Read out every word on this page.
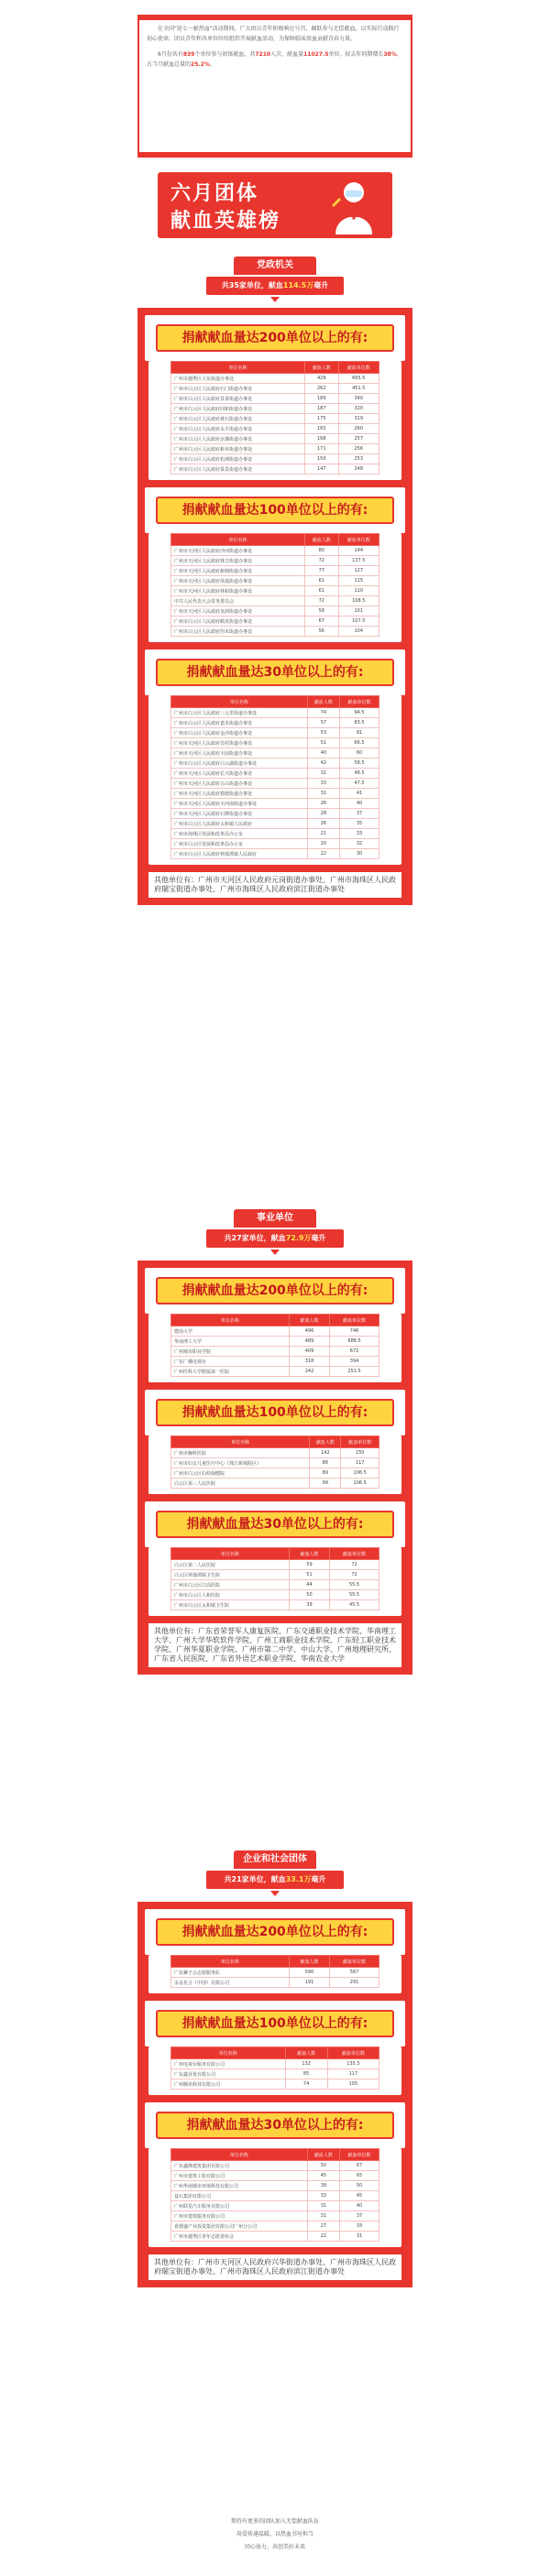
在全国"迎七一献热血"活动期间，广大团员青年积极响应号召，踊跃参与无偿献血，以实际行动践行初心使命。团员青年和各单位纷纷组织开展献血活动，为保障临床用血贡献青春力量。

6月份共有839个单位参与团体献血，共7210人次，献血量11027.5单位。较去年同期增长38%，占当月献血总量的25.2%。

六月团体
献血英雄榜
党政机关
共35家单位，献血114.5万毫升
捐献献血量达200单位以上的有:
单位名称	献血人数	献血单位数
广州市越秀区大东街道办事处	429	665.5
广州市白云区人民政府石门街道办事处	262	451.5
广州市白云区人民政府景泰街道办事处	189	340
广州市白云区人民政府同和街道办事处	187	320
广州市白云区人民政府黄石街道办事处	175	319
广州市白云区人民政府永平街道办事处	165	260
广州市白云区人民政府京溪街道办事处	168	257
广州市白云区人民政府新市街道办事处	171	256
广州市白云区人民政府松洲街道办事处	150	253
广州市白云区人民政府棠景街道办事处	147	248
捐献献血量达100单位以上的有:
单位名称	献血人数	献血单位数
广州市天河区人民政府沙河街道办事处	80	144
广州市天河区人民政府珠吉街道办事处	72	137.5
广州市天河区人民政府新塘街道办事处	77	127
广州市天河区人民政府凤凰街道办事处	61	115
广州市天河区人民政府林和街道办事处	61	110
中共人民代表大会常务委员会	72	108.5
广州市天河区人民政府龙洞街道办事处	58	101
广州市白云区人民政府鹤龙街道办事处	67	107.5
广州市白云区人民政府均禾街道办事处	56	104
捐献献血量达30单位以上的有:
单位名称	献血人数	献血单位数
广州市白云区人民政府三元里街道办事处	74	94.5
广州市白云区人民政府嘉禾街道办事处	57	83.5
广州市白云区人民政府金沙街道办事处	53	81
广州市天河区人民政府员村街道办事处	51	66.5
广州市天河区人民政府天园街道办事处	40	60
广州市白云区人民政府白云湖街道办事处	42	58.5
广州市天河区人民政府长兴街道办事处	31	48.5
广州市天河区人民政府五山街道办事处	33	47.5
广州市天河区人民政府猎德街道办事处	31	41
广州市天河区人民政府天河南街道办事处	26	40
广州市天河区人民政府石牌街道办事处	28	37
广州市白云区人民政府太和镇人民政府	26	35
广州市海珠区发展和改革局办公室	21	33
广州市白云区发展和改革局办公室	20	32
广州市白云区人民政府钟落潭镇人民政府	22	30
其他单位有：广州市天河区人民政府元岗街道办事处、广州市海珠区人民政府瑞宝街道办事处、广州市海珠区人民政府滨江街道办事处
事业单位
共27家单位，献血72.9万毫升
捐献献血量达200单位以上的有:
单位名称	献血人数	献血单位数
暨南大学	496	746
华南理工大学	489	686.5
广州城市职业学院	409	672
广东广播电视台	318	394
广州医科大学附属第一医院	242	251.5
捐献献血量达100单位以上的有:
单位名称	献血人数	献血单位数
广州市胸科医院	142	150
广州市妇女儿童医疗中心（珠江新城院区）	86	117
广州市白云区妇幼保健院	89	106.5
白云区第三人民医院	99	106.5
捐献献血量达30单位以上的有:
单位名称	献血人数	献血单位数
白云区第二人民医院	59	72
白云区钟落潭镇卫生院	51	72
广州市白云区江高医院	44	55.5
广州市白云区人和医院	50	55.5
广州市白云区太和镇卫生院	39	45.5
其他单位有：广东省荣誉军人康复医院、广东交通职业技术学院、华南理工大学、广州大学华软软件学院、广州工商职业技术学院、广东轻工职业技术学院、广州华夏职业学院、广州市第二中学、中山大学、广州地理研究所、广东省人民医院、广东省外语艺术职业学院、华南农业大学
企业和社会团体
共21家单位，献血33.1万毫升
捐献献血量达200单位以上的有:
单位名称	献血人数	献血单位数
广东狮子会志愿服务队	590	567
永金星合（中国）有限公司	191	291
捐献献血量达100单位以上的有:
单位名称	献血人数	献血单位数
广州电视台服务有限公司	132	135.5
广东鑫业优有限公司	85	117
广州腾讯科技有限公司	74	105
捐献献血量达30单位以上的有:
单位名称	献血人数	献血单位数
广东鑫隆建筑集团有限公司	50	67
广州市建筑工程有限公司	45	65
广州华南城市环境科技有限公司	39	50
基石集团有限公司	33	45
广州联星汽车服务有限公司	31	40
广州市建筑服务有限公司	31	37
喜德盛产业投资集团有限公司广州分公司	27	33
广州市越秀区青年志愿者协会	22	31
其他单位有：广州市天河区人民政府兴华街道办事处、广州市海珠区人民政府瑞宝街道办事处、广州市海珠区人民政府滨江街道办事处
期待有更多的团队加入无偿献血队伍
用爱传递温暖，以热血书写担当
同心协力，共创美好未来
